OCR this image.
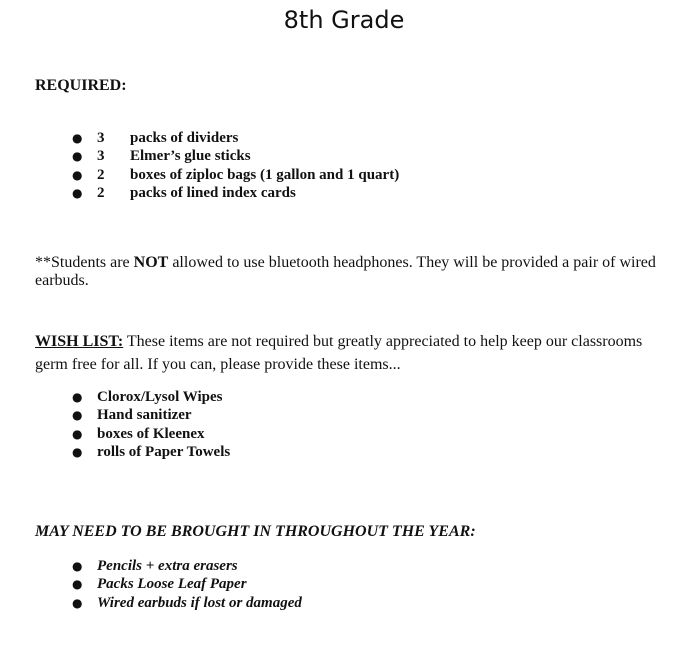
8th Grade
REQUIRED:
● 3 packs of dividers
● 3 Elmer’s glue sticks
● 2 boxes of ziploc bags (1 gallon and 1 quart)
● 2 packs of lined index cards

**Students are NOT allowed to use bluetooth headphones. They will be provided a pair of wired earbuds.

WISH LIST: These items are not required but greatly appreciated to help keep our classrooms germ free for all. If you can, please provide these items...

● Clorox/Lysol Wipes
● Hand sanitizer
● boxes of Kleenex
● rolls of Paper Towels
MAY NEED TO BE BROUGHT IN THROUGHOUT THE YEAR:
● Pencils + extra erasers
● Packs Loose Leaf Paper
● Wired earbuds if lost or damaged
